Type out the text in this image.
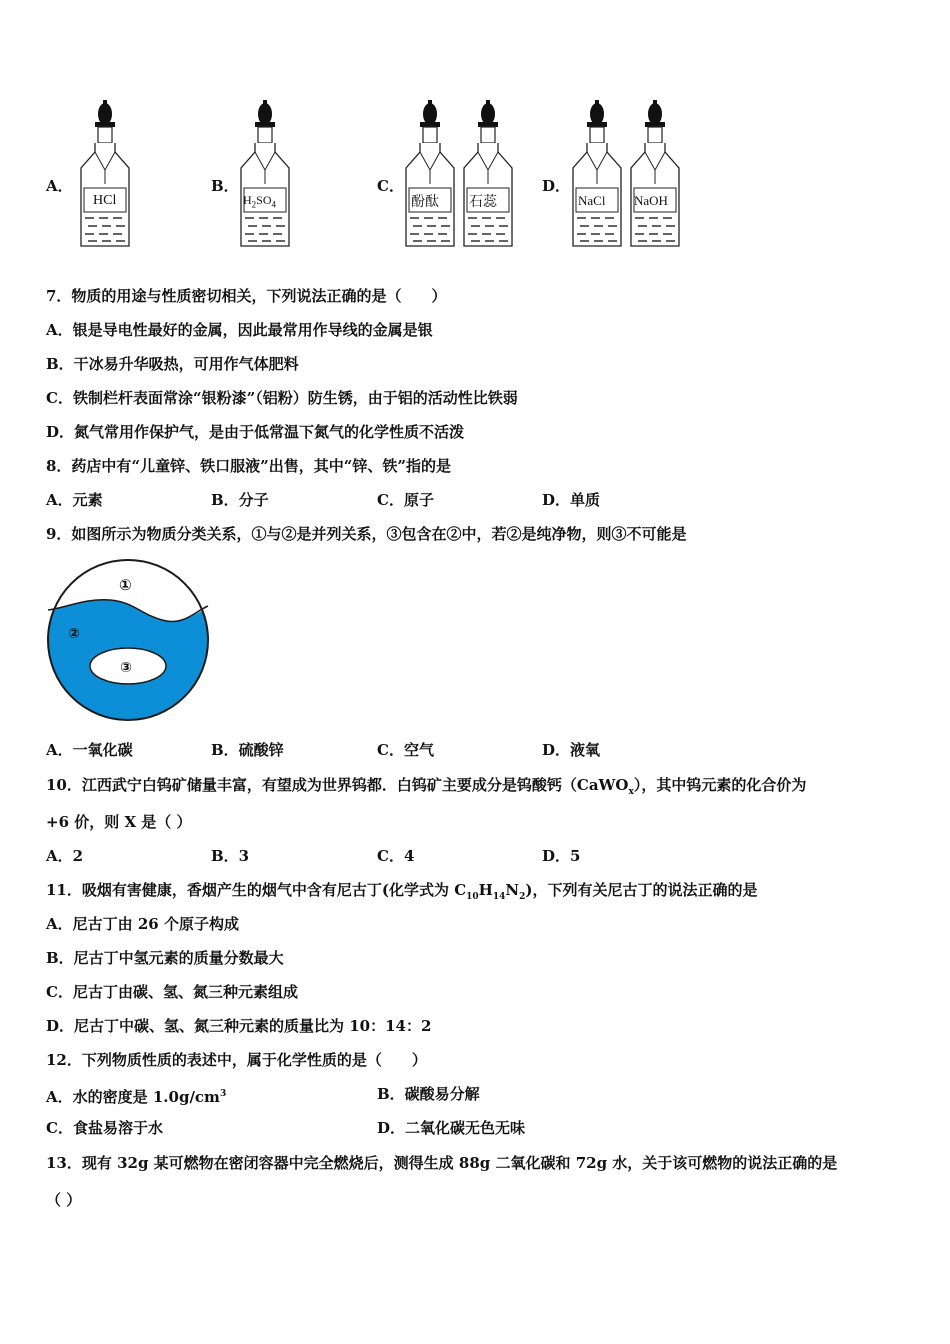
A．	B．	C．	D．
HCl	$H_2SO_4$	酚酞 石蕊	NaCl NaOH
7．物质的用途与性质密切相关，下列说法正确的是（　　）
A．银是导电性最好的金属，因此最常用作导线的金属是银
B．干冰易升华吸热，可用作气体肥料
C．铁制栏杆表面常涂“银粉漆”（铝粉）防生锈，由于铝的活动性比铁弱
D．氮气常用作保护气，是由于低常温下氮气的化学性质不活泼
8．药店中有“儿童锌、铁口服液”出售，其中“锌、铁”指的是
A．元素	B．分子	C．原子	D．单质
9．如图所示为物质分类关系，①与②是并列关系，③包含在②中，若②是纯净物，则③不可能是
①
②
③
A．一氧化碳	B．硫酸锌	C．空气	D．液氧
10．江西武宁白钨矿储量丰富，有望成为世界钨都．白钨矿主要成分是钨酸钙（CaWO$_x$），其中钨元素的化合价为
+6 价，则 X 是（ ）
A．2	B．3	C．4	D．5
11．吸烟有害健康，香烟产生的烟气中含有尼古丁(化学式为 $C_{10}H_{14}N_2$)，下列有关尼古丁的说法正确的是
A．尼古丁由 26 个原子构成
B．尼古丁中氢元素的质量分数最大
C．尼古丁由碳、氢、氮三种元素组成
D．尼古丁中碳、氢、氮三种元素的质量比为 10：14：2
12．下列物质性质的表述中，属于化学性质的是（　　）
A．水的密度是 $1.0g/cm^3$	B．碳酸易分解
C．食盐易溶于水	D．二氧化碳无色无味
13．现有 32g 某可燃物在密闭容器中完全燃烧后，测得生成 88g 二氧化碳和 72g 水，关于该可燃物的说法正确的是
（ ）
